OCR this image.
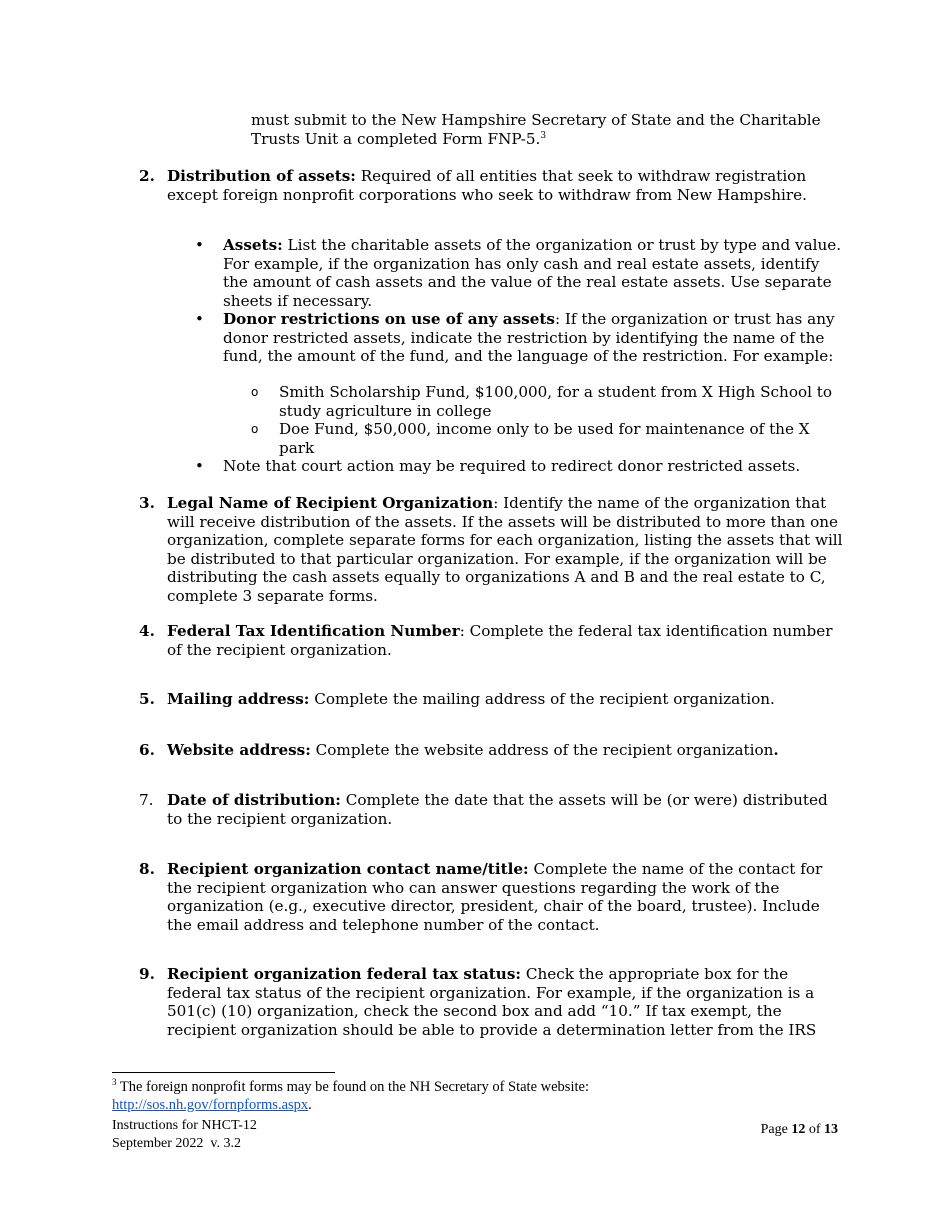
must submit to the New Hampshire Secretary of State and the Charitable
Trusts Unit a completed Form FNP-5.$^3$
2. Distribution of assets: Required of all entities that seek to withdraw registration
except foreign nonprofit corporations who seek to withdraw from New Hampshire.
• Assets: List the charitable assets of the organization or trust by type and value. For example, if the organization has only cash and real estate assets, identify the amount of cash assets and the value of the real estate assets. Use separate sheets if necessary.
• Donor restrictions on use of any assets: If the organization or trust has any donor restricted assets, indicate the restriction by identifying the name of the fund, the amount of the fund, and the language of the restriction. For example:
o Smith Scholarship Fund, $100,000, for a student from X High School to study agriculture in college
o Doe Fund, $50,000, income only to be used for maintenance of the X park
• Note that court action may be required to redirect donor restricted assets.
3. Legal Name of Recipient Organization: Identify the name of the organization that will receive distribution of the assets. If the assets will be distributed to more than one organization, complete separate forms for each organization, listing the assets that will be distributed to that particular organization. For example, if the organization will be distributing the cash assets equally to organizations A and B and the real estate to C, complete 3 separate forms.
4. Federal Tax Identification Number: Complete the federal tax identification number of the recipient organization.
5. Mailing address: Complete the mailing address of the recipient organization.
6. Website address: Complete the website address of the recipient organization.
7. Date of distribution: Complete the date that the assets will be (or were) distributed to the recipient organization.
8. Recipient organization contact name/title: Complete the name of the contact for the recipient organization who can answer questions regarding the work of the organization (e.g., executive director, president, chair of the board, trustee). Include the email address and telephone number of the contact.
9. Recipient organization federal tax status: Check the appropriate box for the federal tax status of the recipient organization. For example, if the organization is a 501(c) (10) organization, check the second box and add “10.” If tax exempt, the recipient organization should be able to provide a determination letter from the IRS
$^3$ The foreign nonprofit forms may be found on the NH Secretary of State website:
http://sos.nh.gov/fornpforms.aspx.
Instructions for NHCT-12
September 2022  v. 3.2
Page 12 of 13
